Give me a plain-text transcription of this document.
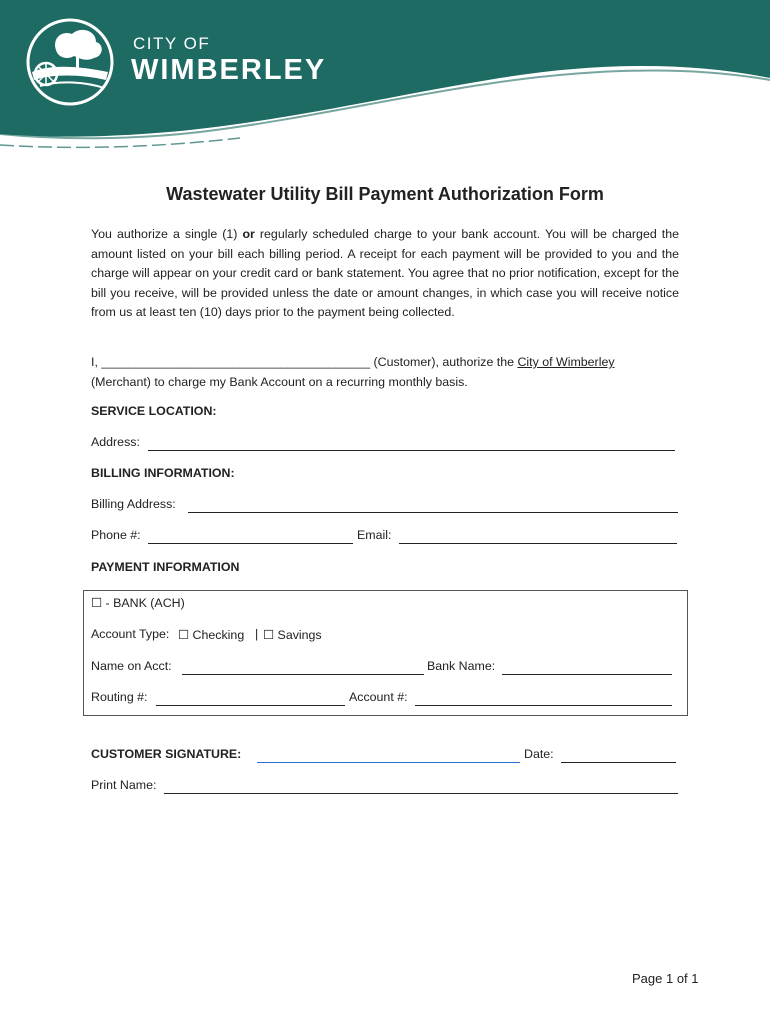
CITY OF
WIMBERLEY
Wastewater Utility Bill Payment Authorization Form
You authorize a single (1) or regularly scheduled charge to your bank account. You will be charged the amount listed on your bill each billing period. A receipt for each payment will be provided to you and the charge will appear on your credit card or bank statement. You agree that no prior notification, except for the bill you receive, will be provided unless the date or amount changes, in which case you will receive notice from us at least ten (10) days prior to the payment being collected.
I, _______________________________________ (Customer), authorize the City of Wimberley
(Merchant) to charge my Bank Account on a recurring monthly basis.
SERVICE LOCATION:
Address:
BILLING INFORMATION:
Billing Address:
Phone #:	Email:
PAYMENT INFORMATION
☐ - BANK (ACH)
Account Type: ☐ Checking | ☐ Savings
Name on Acct:	Bank Name:
Routing #:	Account #:
CUSTOMER SIGNATURE:	Date:
Print Name:
Page 1 of 1
